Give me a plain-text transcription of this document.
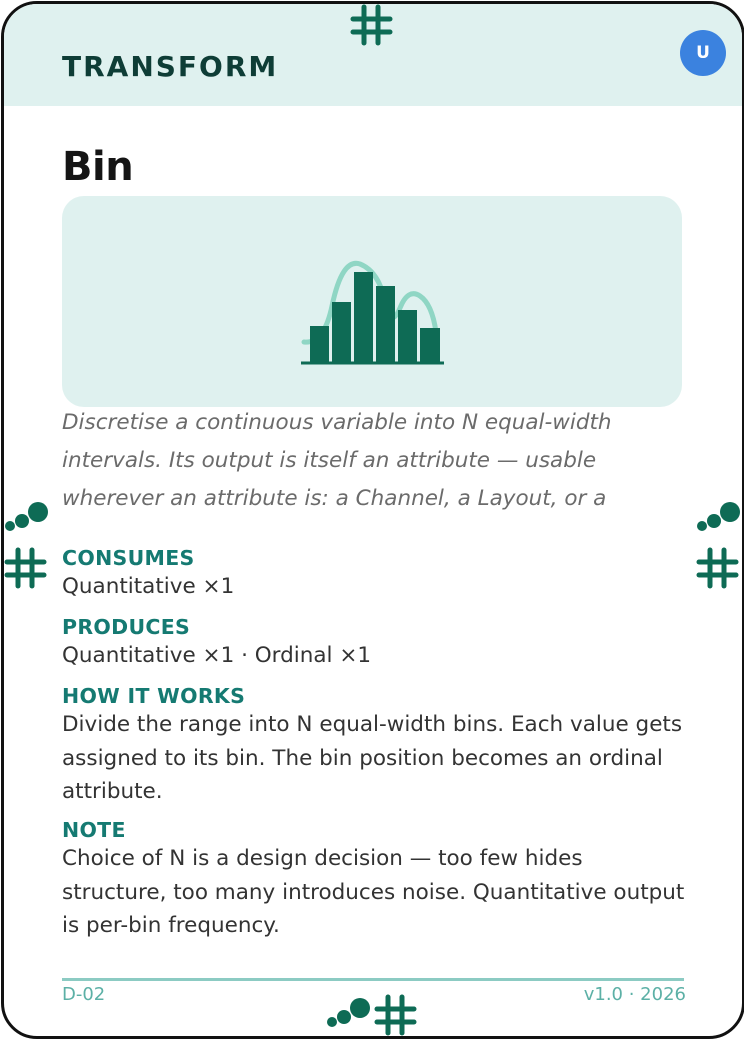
TRANSFORM	U
Bin
Discretise a continuous variable into N equal-width intervals. Its output is itself an attribute — usable wherever an attribute is: a Channel, a Layout, or a
CONSUMES
Quantitative ×1
PRODUCES
Quantitative ×1 · Ordinal ×1
HOW IT WORKS
Divide the range into N equal-width bins. Each value gets assigned to its bin. The bin position becomes an ordinal attribute.
NOTE
Choice of N is a design decision — too few hides structure, too many introduces noise. Quantitative output is per-bin frequency.
D-02	v1.0 · 2026
